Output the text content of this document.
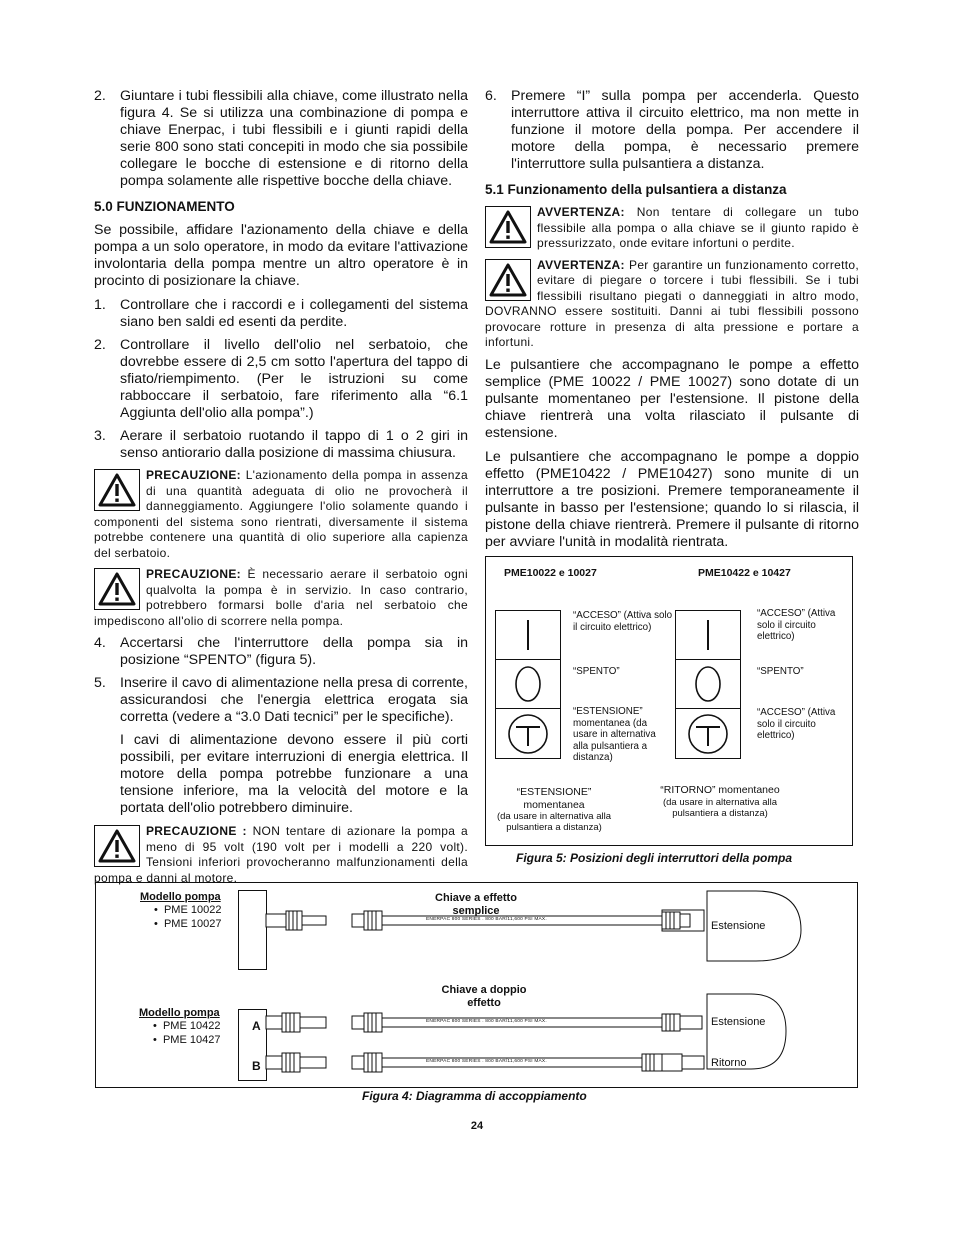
2. Giuntare i tubi flessibili alla chiave, come illustrato nella figura 4. Se si utilizza una combinazione di pompa e chiave Enerpac, i tubi flessibili e i giunti rapidi della serie 800 sono stati concepiti in modo che sia possibile collegare le bocche di estensione e di ritorno della pompa solamente alle rispettive bocche della chiave.
5.0 FUNZIONAMENTO

Se possibile, affidare l'azionamento della chiave e della pompa a un solo operatore, in modo da evitare l'attivazione involontaria della pompa mentre un altro operatore è in procinto di posizionare la chiave.

1. Controllare che i raccordi e i collegamenti del sistema siano ben saldi ed esenti da perdite.
2. Controllare il livello dell'olio nel serbatoio, che dovrebbe essere di 2,5 cm sotto l'apertura del tappo di sfiato/riempimento. (Per le istruzioni su come rabboccare il serbatoio, fare riferimento alla “6.1 Aggiunta dell'olio alla pompa”.)
3. Aerare il serbatoio ruotando il tappo di 1 o 2 giri in senso antiorario dalla posizione di massima chiusura.
PRECAUZIONE: L'azionamento della pompa in assenza di una quantità adeguata di olio ne provocherà il danneggiamento. Aggiungere l'olio solamente quando i componenti del sistema sono rientrati, diversamente il sistema potrebbe contenere una quantità di olio superiore alla capienza del serbatoio.
PRECAUZIONE: È necessario aerare il serbatoio ogni qualvolta la pompa è in servizio. In caso contrario, potrebbero formarsi bolle d'aria nel serbatoio che impediscono all'olio di scorrere nella pompa.
4. Accertarsi che l'interruttore della pompa sia in posizione “SPENTO” (figura 5).
5. Inserire il cavo di alimentazione nella presa di corrente, assicurandosi che l'energia elettrica erogata sia corretta (vedere a “3.0 Dati tecnici” per le specifiche).

I cavi di alimentazione devono essere il più corti possibili, per evitare interruzioni di energia elettrica. Il motore della pompa potrebbe funzionare a una tensione inferiore, ma la velocità del motore e la portata dell'olio potrebbero diminuire.

PRECAUZIONE : NON tentare di azionare la pompa a meno di 95 volt (190 volt per i modelli a 220 volt). Tensioni inferiori provocheranno malfunzionamenti della pompa e danni al motore.
6. Premere “I” sulla pompa per accenderla. Questo interruttore attiva il circuito elettrico, ma non mette in funzione il motore della pompa. Per accendere il motore della pompa, è necessario premere l'interruttore sulla pulsantiera a distanza.
5.1 Funzionamento della pulsantiera a distanza
AVVERTENZA: Non tentare di collegare un tubo flessibile alla pompa o alla chiave se il giunto rapido è pressurizzato, onde evitare infortuni o perdite.
AVVERTENZA: Per garantire un funzionamento corretto, evitare di piegare o torcere i tubi flessibili. Se i tubi flessibili risultano piegati o danneggiati in altro modo, DOVRANNO essere sostituiti. Danni ai tubi flessibili possono provocare rotture in presenza di alta pressione e portare a infortuni.

Le pulsantiere che accompagnano le pompe a effetto semplice (PME 10022 / PME 10027) sono dotate di un pulsante momentaneo per l'estensione. Il pistone della chiave rientrerà una volta rilasciato il pulsante di estensione.

Le pulsantiere che accompagnano le pompe a doppio effetto (PME10422 / PME10427) sono munite di un interruttore a tre posizioni. Premere temporaneamente il pulsante in basso per l'estensione; quando lo si rilascia, il pistone della chiave rientrerà. Premere il pulsante di ritorno per avviare l'unità in modalità rientrata.

PME10022 e 10027	PME10422 e 10427
“ACCESO” (Attiva solo il circuito elettrico)
“SPENTO”
“ESTENSIONE” momentanea (da usare in alternativa alla pulsantiera a distanza)
“ACCESO” (Attiva solo il circuito elettrico)
“SPENTO”
“ACCESO” (Attiva solo il circuito elettrico)
“ESTENSIONE” momentanea
(da usare in alternativa alla pulsantiera a distanza)
“RITORNO” momentaneo
(da usare in alternativa alla pulsantiera a distanza)
Figura 5: Posizioni degli interruttori della pompa
Modello pompa
•  PME 10022
•  PME 10027
Chiave a effetto semplice
Estensione
Chiave a doppio effetto
Modello pompa
•  PME 10422
•  PME 10427
A
B
Estensione
Ritorno
ENERPAC 800 SERIES . 800 BAR/11,600 PSI MAX.
ENERPAC 800 SERIES . 800 BAR/11,600 PSI MAX.
ENERPAC 800 SERIES . 800 BAR/11,600 PSI MAX.
Figura 4: Diagramma di accoppiamento
24
